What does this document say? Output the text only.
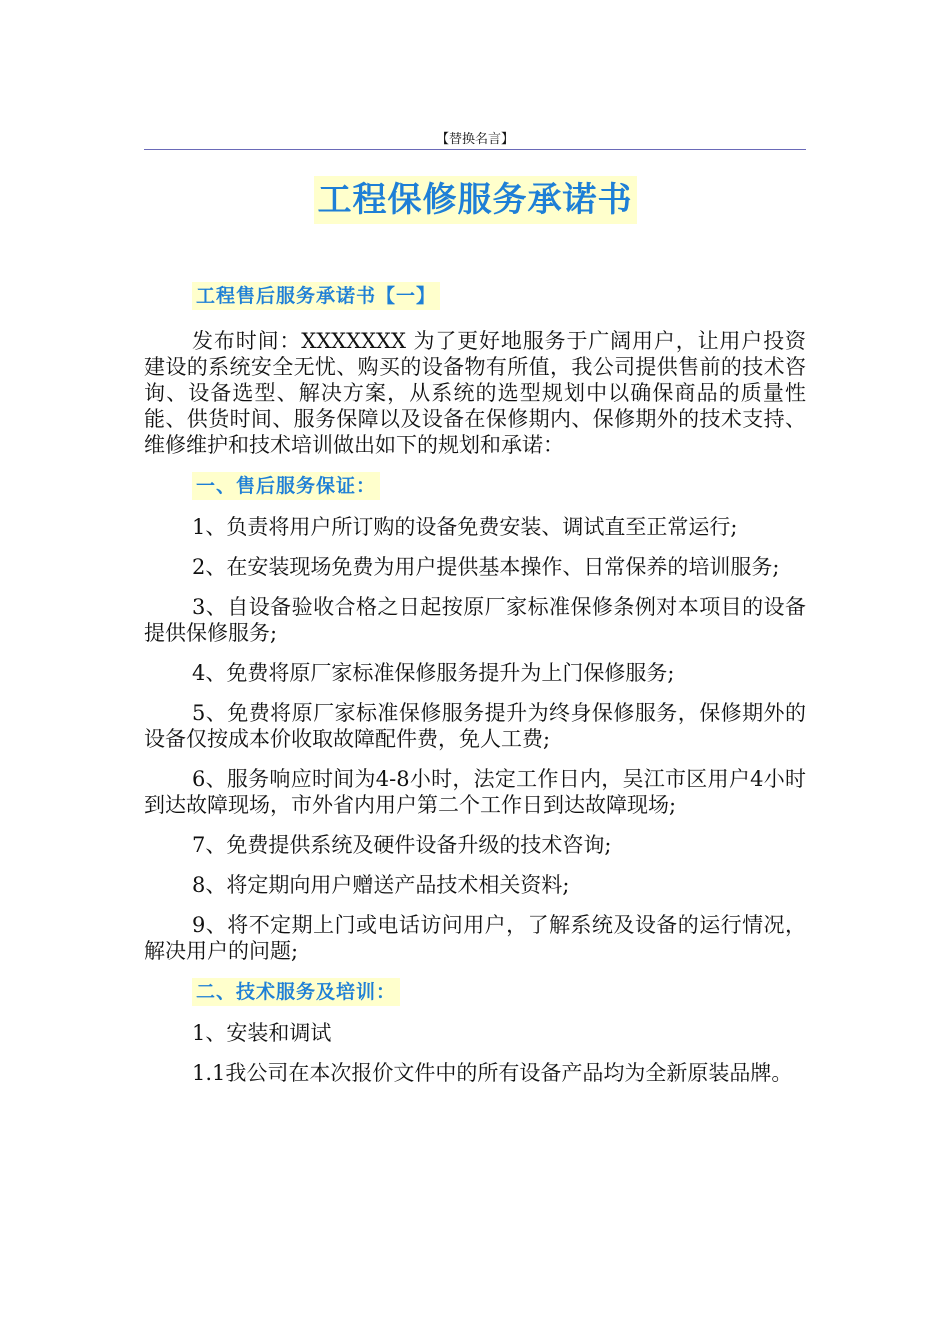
【替换名言】
工程保修服务承诺书
工程售后服务承诺书【一】

发布时间：XXXXXXX 为了更好地服务于广阔用户，让用户投资建设的系统安全无忧、购买的设备物有所值，我公司提供售前的技术咨询、设备选型、解决方案，从系统的选型规划中以确保商品的质量性能、供货时间、服务保障以及设备在保修期内、保修期外的技术支持、维修维护和技术培训做出如下的规划和承诺：

一、售后服务保证：

1、负责将用户所订购的设备免费安装、调试直至正常运行;

2、在安装现场免费为用户提供基本操作、日常保养的培训服务;

3、自设备验收合格之日起按原厂家标准保修条例对本项目的设备提供保修服务;

4、免费将原厂家标准保修服务提升为上门保修服务;

5、免费将原厂家标准保修服务提升为终身保修服务，保修期外的设备仅按成本价收取故障配件费，免人工费;

6、服务响应时间为4-8小时，法定工作日内，吴江市区用户4小时到达故障现场，市外省内用户第二个工作日到达故障现场;

7、免费提供系统及硬件设备升级的技术咨询;

8、将定期向用户赠送产品技术相关资料;

9、将不定期上门或电话访问用户，了解系统及设备的运行情况，解决用户的问题;

二、技术服务及培训：

1、安装和调试

1.1我公司在本次报价文件中的所有设备产品均为全新原装品牌。
